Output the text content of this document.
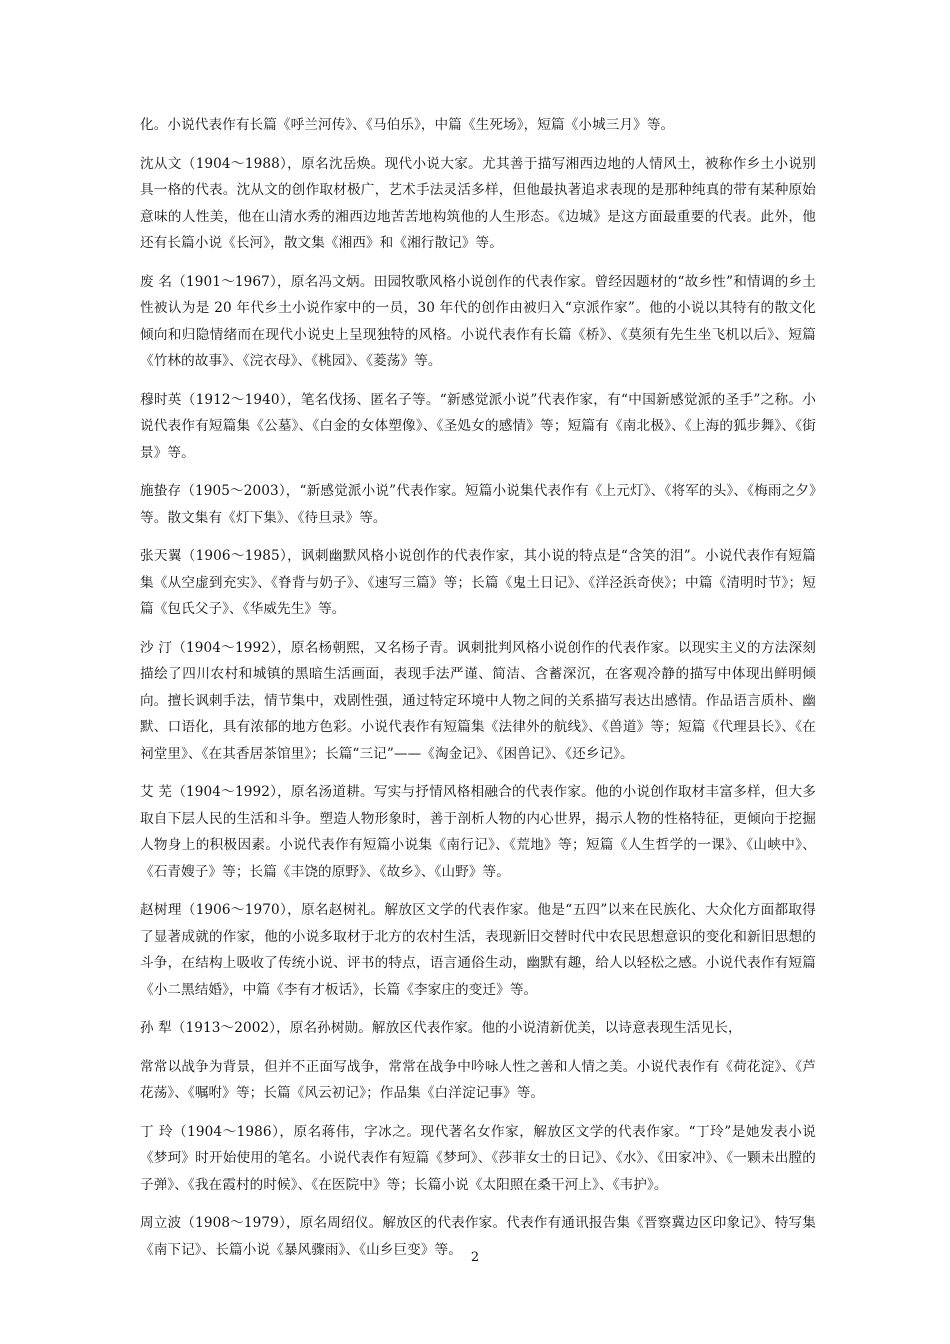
化。小说代表作有长篇《呼兰河传》、《马伯乐》，中篇《生死场》，短篇《小城三月》等。

沈从文（1904～1988），原名沈岳焕。现代小说大家。尤其善于描写湘西边地的人情风土，被称作乡土小说别具一格的代表。沈从文的创作取材极广，艺术手法灵活多样，但他最执著追求表现的是那种纯真的带有某种原始意味的人性美，他在山清水秀的湘西边地苦苦地构筑他的人生形态。《边城》是这方面最重要的代表。此外，他还有长篇小说《长河》，散文集《湘西》和《湘行散记》等。

废 名（1901～1967），原名冯文炳。田园牧歌风格小说创作的代表作家。曾经因题材的“故乡性”和情调的乡土性被认为是 20 年代乡土小说作家中的一员，30 年代的创作由被归入“京派作家”。他的小说以其特有的散文化倾向和归隐情绪而在现代小说史上呈现独特的风格。小说代表作有长篇《桥》、《莫须有先生坐飞机以后》、短篇《竹林的故事》、《浣衣母》、《桃园》、《菱荡》等。

穆时英（1912～1940），笔名伐扬、匿名子等。“新感觉派小说”代表作家，有“中国新感觉派的圣手”之称。小说代表作有短篇集《公墓》、《白金的女体塑像》、《圣処女的感情》等；短篇有《南北极》、《上海的狐步舞》、《街景》等。

施蛰存（1905～2003），“新感觉派小说”代表作家。短篇小说集代表作有《上元灯》、《将军的头》、《梅雨之夕》等。散文集有《灯下集》、《待旦录》等。

张天翼（1906～1985），讽刺幽默风格小说创作的代表作家，其小说的特点是“含笑的泪”。小说代表作有短篇集《从空虚到充实》、《脊背与奶子》、《速写三篇》等；长篇《鬼土日记》、《洋泾浜奇侠》；中篇《清明时节》；短篇《包氏父子》、《华威先生》等。

沙 汀（1904～1992），原名杨朝熙，又名杨子青。讽刺批判风格小说创作的代表作家。以现实主义的方法深刻描绘了四川农村和城镇的黑暗生活画面，表现手法严谨、简洁、含蓄深沉，在客观冷静的描写中体现出鲜明倾向。擅长讽刺手法，情节集中，戏剧性强，通过特定环境中人物之间的关系描写表达出感情。作品语言质朴、幽默、口语化，具有浓郁的地方色彩。小说代表作有短篇集《法律外的航线》、《兽道》等；短篇《代理县长》、《在祠堂里》、《在其香居茶馆里》；长篇“三记”——《淘金记》、《困兽记》、《还乡记》。

艾 芜（1904～1992），原名汤道耕。写实与抒情风格相融合的代表作家。他的小说创作取材丰富多样，但大多取自下层人民的生活和斗争。塑造人物形象时，善于剖析人物的内心世界，揭示人物的性格特征，更倾向于挖掘人物身上的积极因素。小说代表作有短篇小说集《南行记》、《荒地》等；短篇《人生哲学的一课》、《山峡中》、《石青嫂子》等；长篇《丰饶的原野》、《故乡》、《山野》等。

赵树理（1906～1970），原名赵树礼。解放区文学的代表作家。他是“五四”以来在民族化、大众化方面都取得了显著成就的作家，他的小说多取材于北方的农村生活，表现新旧交替时代中农民思想意识的变化和新旧思想的斗争，在结构上吸收了传统小说、评书的特点，语言通俗生动，幽默有趣，给人以轻松之感。小说代表作有短篇《小二黑结婚》，中篇《李有才板话》，长篇《李家庄的变迁》等。

孙 犁（1913～2002），原名孙树勋。解放区代表作家。他的小说清新优美，以诗意表现生活见长，

常常以战争为背景，但并不正面写战争，常常在战争中吟咏人性之善和人情之美。小说代表作有《荷花淀》、《芦花荡》、《嘱咐》等；长篇《风云初记》；作品集《白洋淀记事》等。

丁 玲（1904～1986），原名蒋伟，字冰之。现代著名女作家，解放区文学的代表作家。“丁玲”是她发表小说《梦珂》时开始使用的笔名。小说代表作有短篇《梦珂》、《莎菲女士的日记》、《水》、《田家冲》、《一颗未出膛的子弹》、《我在霞村的时候》、《在医院中》等；长篇小说《太阳照在桑干河上》、《韦护》。

周立波（1908～1979），原名周绍仪。解放区的代表作家。代表作有通讯报告集《晋察冀边区印象记》、特写集《南下记》、长篇小说《暴风骤雨》、《山乡巨变》等。 2
